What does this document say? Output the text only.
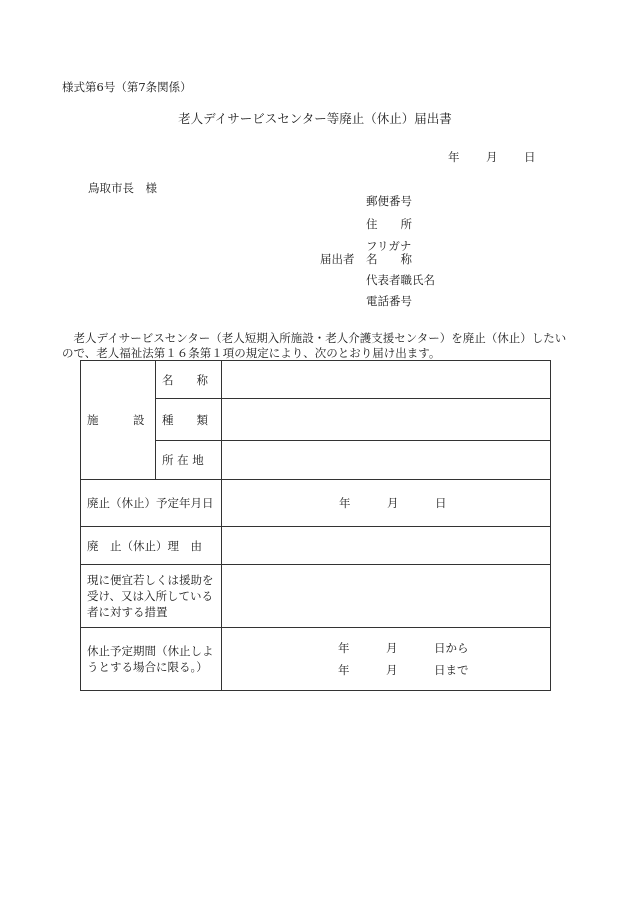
様式第6号（第7条関係）
老人デイサービスセンター等廃止（休止）届出書
年 月 日
鳥取市長　様
郵便番号
住　　所
フリガナ
届出者 名　　称
代表者職氏名
電話番号
　老人デイサービスセンター（老人短期入所施設・老人介護支援センター）を廃止（休止）したいので、老人福祉法第１６条第１項の規定により、次のとおり届け出ます。
施　　　設	名　　称	
	種　　類	
	所 在 地	
廃止（休止）予定年月日		年 月 日
廃　止（休止）理　由		
現に便宜若しくは援助を受け、又は入所している者に対する措置		
休止予定期間（休止しようとする場合に限る。）		年 月 日から
年 月 日まで
